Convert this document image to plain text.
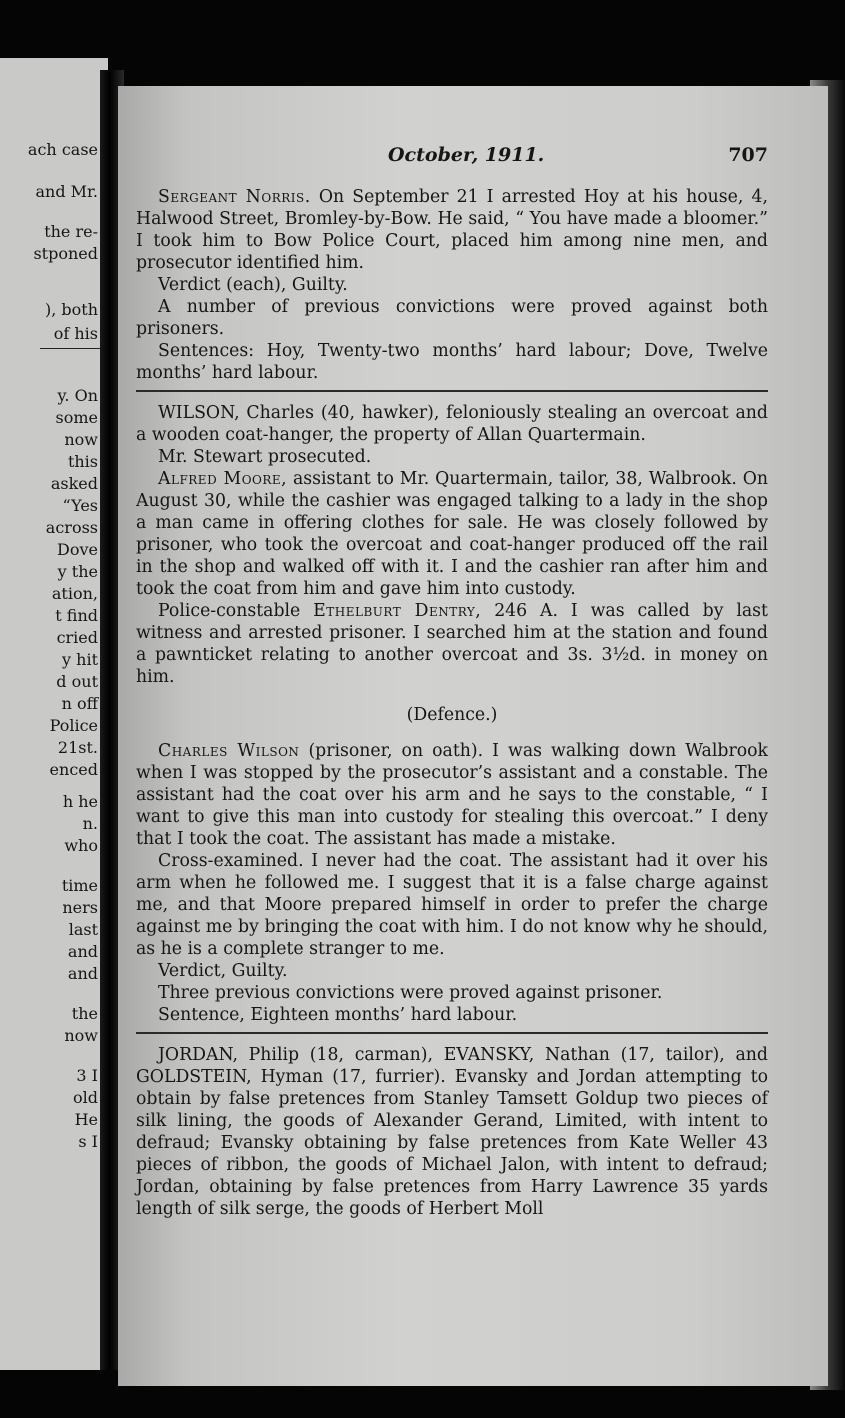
ach case
and Mr.
the re-
stponed
), both
of his
y. On
some
now
this
asked
“Yes
across
Dove
y the
ation,
t find
cried
y hit
d out
n off
Police
21st.
enced
h he
n.
who
time
ners
last
and
and
the
now
3 I
old
He
s I
October, 1911.	707

Sergeant Norris. On September 21 I arrested Hoy at his house, 4, Halwood Street, Bromley-by-Bow. He said, “ You have made a bloomer.” I took him to Bow Police Court, placed him among nine men, and prosecutor identified him.

Verdict (each), Guilty.

A number of previous convictions were proved against both prisoners.

Sentences: Hoy, Twenty-two months’ hard labour; Dove, Twelve months’ hard labour.

WILSON, Charles (40, hawker), feloniously stealing an overcoat and a wooden coat-hanger, the property of Allan Quartermain.

Mr. Stewart prosecuted.

Alfred Moore, assistant to Mr. Quartermain, tailor, 38, Walbrook. On August 30, while the cashier was engaged talking to a lady in the shop a man came in offering clothes for sale. He was closely followed by prisoner, who took the overcoat and coat-hanger produced off the rail in the shop and walked off with it. I and the cashier ran after him and took the coat from him and gave him into custody.

Police-constable Ethelburt Dentry, 246 A. I was called by last witness and arrested prisoner. I searched him at the station and found a pawnticket relating to another overcoat and 3s. 3½d. in money on him.

(Defence.)

Charles Wilson (prisoner, on oath). I was walking down Walbrook when I was stopped by the prosecutor’s assistant and a constable. The assistant had the coat over his arm and he says to the constable, “ I want to give this man into custody for stealing this overcoat.” I deny that I took the coat. The assistant has made a mistake.

Cross-examined. I never had the coat. The assistant had it over his arm when he followed me. I suggest that it is a false charge against me, and that Moore prepared himself in order to prefer the charge against me by bringing the coat with him. I do not know why he should, as he is a complete stranger to me.

Verdict, Guilty.

Three previous convictions were proved against prisoner.

Sentence, Eighteen months’ hard labour.

JORDAN, Philip (18, carman), EVANSKY, Nathan (17, tailor), and GOLDSTEIN, Hyman (17, furrier). Evansky and Jordan attempting to obtain by false pretences from Stanley Tamsett Goldup two pieces of silk lining, the goods of Alexander Gerand, Limited, with intent to defraud; Evansky obtaining by false pretences from Kate Weller 43 pieces of ribbon, the goods of Michael Jalon, with intent to defraud; Jordan, obtaining by false pretences from Harry Lawrence 35 yards length of silk serge, the goods of Herbert Moll
